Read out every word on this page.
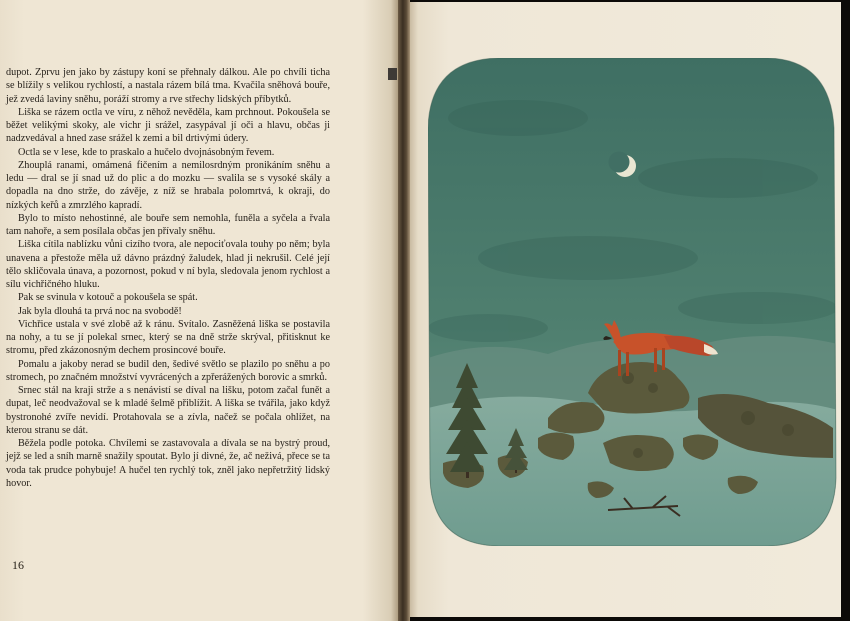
dupot. Zprvu jen jako by zástupy koní se přehnaly dálkou. Ale po chvíli ticha se blížily s velikou rychlostí, a nastala rázem bílá tma. Kvačila sněhová bouře, jež zvedá laviny sněhu, poráží stromy a rve střechy lidských příbytků.

Liška se rázem octla ve víru, z něhož nevěděla, kam prchnout. Pokoušela se běžet velikými skoky, ale vichr ji srážel, zasypával jí oči a hlavu, občas ji nadzvedával a hned zase srážel k zemi a bil drtivými údery.

Octla se v lese, kde to praskalo a hučelo dvojnásobným řevem.

Zhouplá ranami, omámená fičením a nemilosrdným pronikáním sněhu a ledu — dral se jí snad už do plic a do mozku — svalila se s vysoké skály a dopadla na dno strže, do závěje, z níž se hrabala polomrtvá, k okraji, do nízkých keřů a zmrzlého kapradí.

Bylo to místo nehostinné, ale bouře sem nemohla, funěla a syčela a řvala tam nahoře, a sem posílala občas jen přívaly sněhu.

Liška cítila nablízku vůni cizího tvora, ale nepociťovala touhy po něm; byla unavena a přestože měla už dávno prázdný žaludek, hlad ji nekrušil. Celé její tělo skličovala únava, a pozornost, pokud v ní byla, sledovala jenom rychlost a sílu vichřičného hluku.

Pak se svinula v kotouč a pokoušela se spát.

Jak byla dlouhá ta prvá noc na svobodě!

Vichřice ustala v své zlobě až k ránu. Svítalo. Zasněžená liška se postavila na nohy, a tu se jí polekal srnec, který se na dně strže skrýval, přitisknut ke stromu, před zkázonosným dechem prosincové bouře.

Pomalu a jakoby nerad se budil den, šedivé světlo se plazilo po sněhu a po stromech, po značném množství vyvrácených a zpřerážených borovic a smrků.

Srnec stál na kraji strže a s nenávistí se díval na lišku, potom začal funět a dupat, leč neodvažoval se k mladé šelmě přiblížit. A liška se tvářila, jako když bystronohé zvíře nevidí. Protahovala se a zívla, načež se počala ohlížet, na kterou stranu se dát.

Běžela podle potoka. Chvílemi se zastavovala a dívala se na bystrý proud, jejž se led a sníh marně snažily spoutat. Bylo jí divné, že, ač neživá, přece se ta voda tak prudce pohybuje! A hučel ten rychlý tok, zněl jako nepřetržitý lidský hovor.

16
